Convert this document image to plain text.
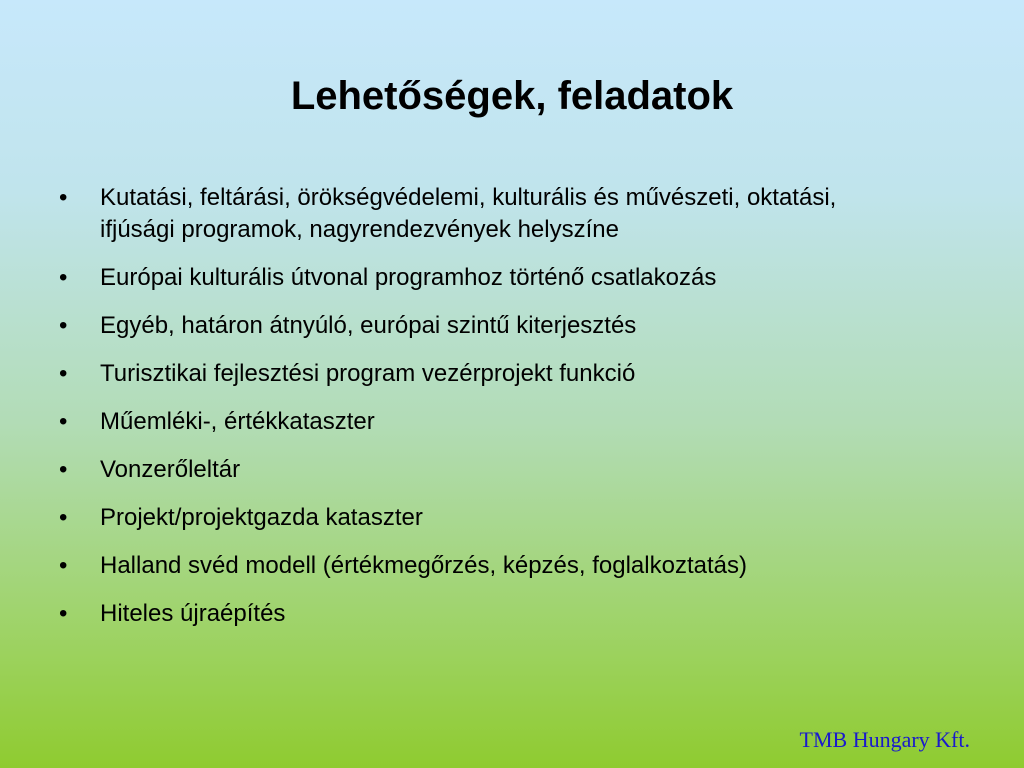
Lehetőségek, feladatok
•	Kutatási, feltárási, örökségvédelemi, kulturális és művészeti, oktatási, ifjúsági programok, nagyrendezvények helyszíne
•	Európai kulturális útvonal programhoz történő csatlakozás
•	Egyéb, határon átnyúló, európai szintű kiterjesztés
•	Turisztikai fejlesztési program vezérprojekt funkció
•	Műemléki-, értékkataszter
•	Vonzerőleltár
•	Projekt/projektgazda kataszter
•	Halland svéd modell (értékmegőrzés, képzés, foglalkoztatás)
•	Hiteles újraépítés
TMB Hungary Kft.
